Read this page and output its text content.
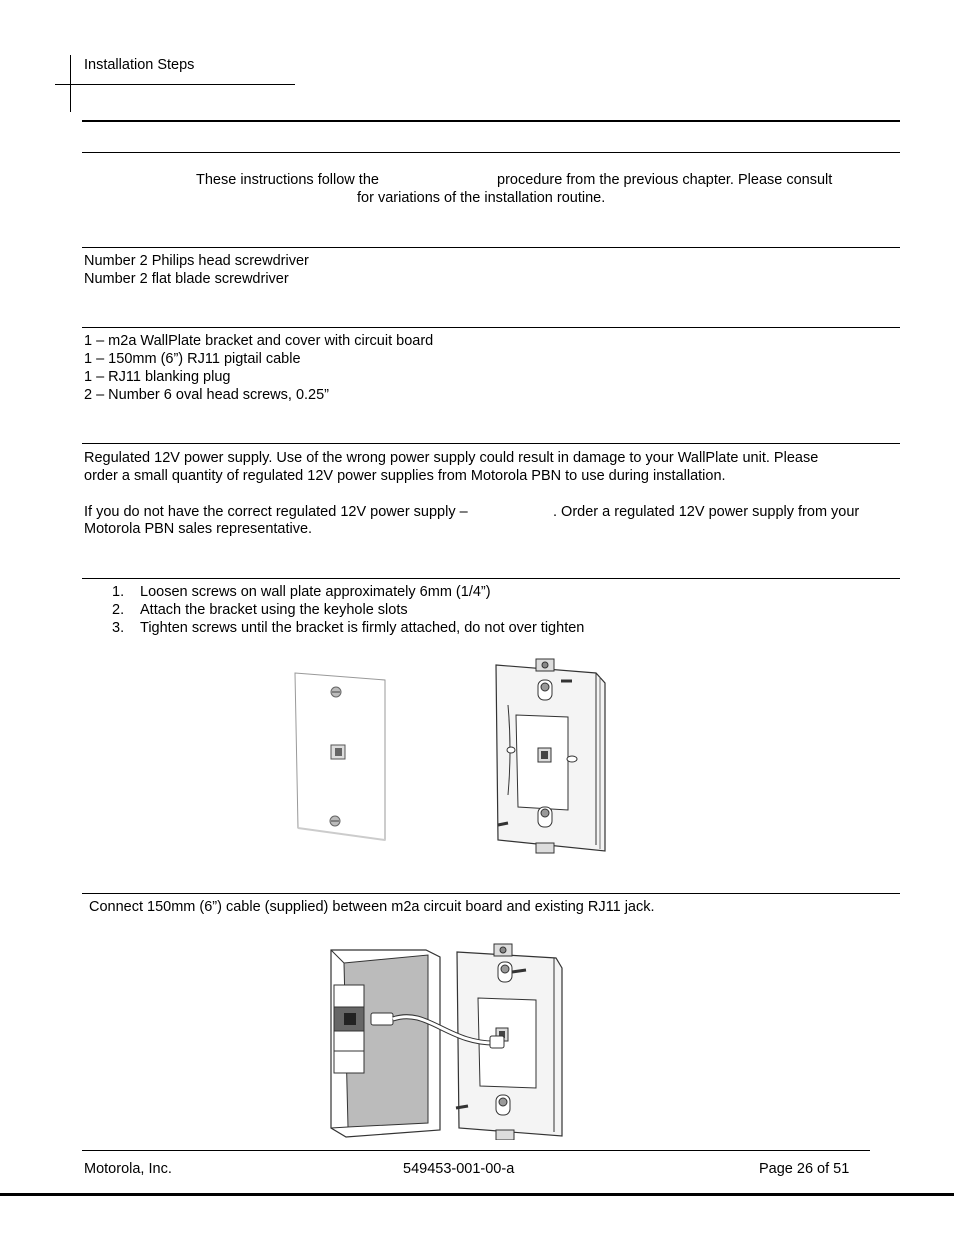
Installation Steps
These instructions follow the	procedure from the previous chapter. Please consult
for variations of the installation routine.
Number 2 Philips head screwdriver
Number 2 flat blade screwdriver
1 – m2a WallPlate bracket and cover with circuit board
1 – 150mm (6”) RJ11 pigtail cable
1 – RJ11 blanking plug
2 – Number 6 oval head screws, 0.25”
Regulated 12V power supply. Use of the wrong power supply could result in damage to your WallPlate unit. Please
order a small quantity of regulated 12V power supplies from Motorola PBN to use during installation.
If you do not have the correct regulated 12V power supply –	. Order a regulated 12V power supply from your
Motorola PBN sales representative.
1. Loosen screws on wall plate approximately 6mm (1/4”)
2. Attach the bracket using the keyhole slots
3. Tighten screws until the bracket is firmly attached, do not over tighten
Connect 150mm (6”) cable (supplied) between m2a circuit board and existing RJ11 jack.
Motorola, Inc.	549453-001-00-a	Page 26 of 51
